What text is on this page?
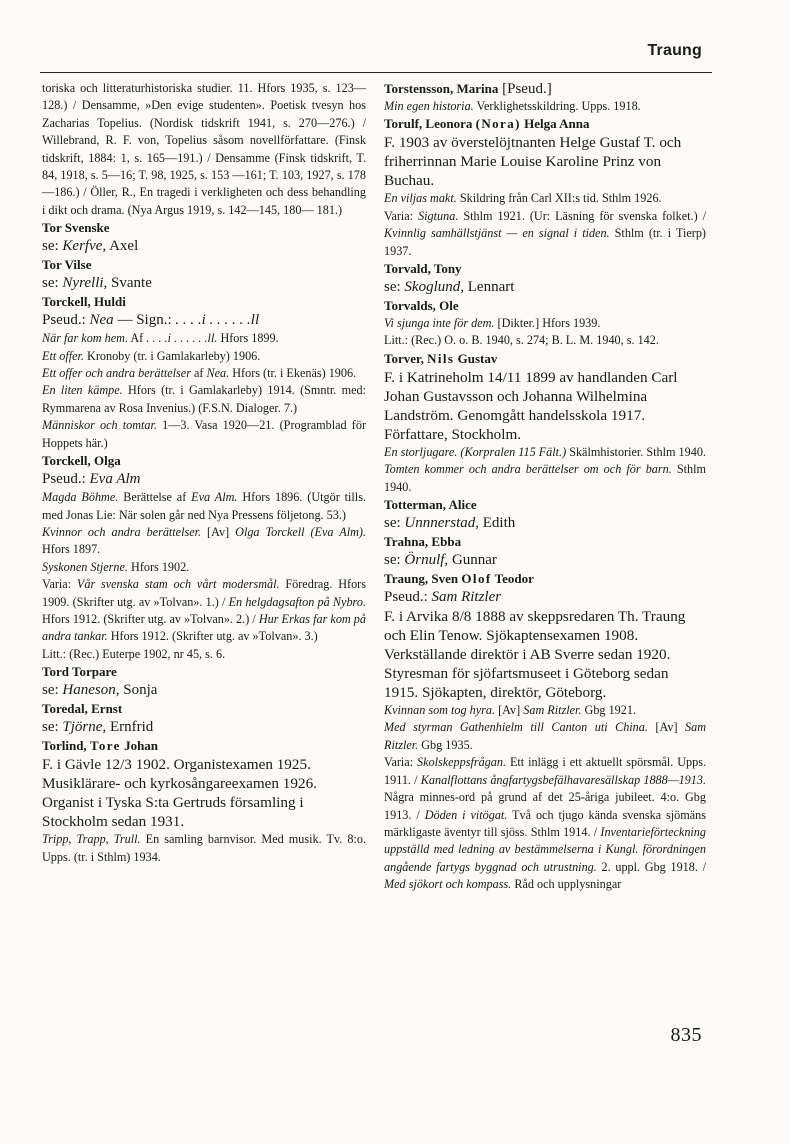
Traung

toriska och litteraturhistoriska studier. 11. Hfors 1935, s. 123—128.) / Densamme, »Den evige studenten». Poetisk tvesyn hos Zacharias Topelius. (Nordisk tidskrift 1941, s. 270—276.) / Willebrand, R. F. von, Topelius såsom novellförfattare. (Finsk tidskrift, 1884: 1, s. 165—191.) / Densamme (Finsk tidskrift, T. 84, 1918, s. 5—16; T. 98, 1925, s. 153 —161; T. 103, 1927, s. 178—186.) / Öller, R., En tragedi i verkligheten och dess behandling i dikt och drama. (Nya Argus 1919, s. 142—145, 180— 181.)

Tor Svenske
se: Kerfve, Axel
Tor Vilse
se: Nyrelli, Svante
Torckell, Huldi
Pseud.: Nea — Sign.: . . . .i . . . . . .ll

När far kom hem. Af . . . .i . . . . . .ll. Hfors 1899.

Ett offer. Kronoby (tr. i Gamlakarleby) 1906.

Ett offer och andra berättelser af Nea. Hfors (tr. i Ekenäs) 1906.

En liten kämpe. Hfors (tr. i Gamlakarleby) 1914. (Smntr. med: Rymmarena av Rosa Invenius.) (F.S.N. Dialoger. 7.)

Människor och tomtar. 1—3. Vasa 1920—21. (Programblad för Hoppets här.)

Torckell, Olga
Pseud.: Eva Alm

Magda Böhme. Berättelse af Eva Alm. Hfors 1896. (Utgör tills. med Jonas Lie: När solen går ned Nya Pressens följetong. 53.)

Kvinnor och andra berättelser. [Av] Olga Torckell (Eva Alm). Hfors 1897.

Syskonen Stjerne. Hfors 1902.

Varia: Vår svenska stam och vårt modersmål. Föredrag. Hfors 1909. (Skrifter utg. av »Tolvan». 1.) / En helgdagsafton på Nybro. Hfors 1912. (Skrifter utg. av »Tolvan». 2.) / Hur Erkas far kom på andra tankar. Hfors 1912. (Skrifter utg. av »Tolvan». 3.)

Litt.: (Rec.) Euterpe 1902, nr 45, s. 6.

Tord Torpare
se: Haneson, Sonja
Toredal, Ernst
se: Tjörne, Ernfrid
Torlind, Tore Johan

F. i Gävle 12/3 1902. Organistexamen 1925. Musiklärare- och kyrkosångareexamen 1926. Organist i Tyska S:ta Gertruds församling i Stockholm sedan 1931.

Tripp, Trapp, Trull. En samling barnvisor. Med musik. Tv. 8:o. Upps. (tr. i Sthlm) 1934.

Torstensson, Marina [Pseud.]

Min egen historia. Verklighetsskildring. Upps. 1918.

Torulf, Leonora (Nora) Helga Anna

F. 1903 av överstelöjtnanten Helge Gustaf T. och friherrinnan Marie Louise Karoline Prinz von Buchau.

En viljas makt. Skildring från Carl XII:s tid. Sthlm 1926.

Varia: Sigtuna. Sthlm 1921. (Ur: Läsning för svenska folket.) / Kvinnlig samhällstjänst — en signal i tiden. Sthlm (tr. i Tierp) 1937.

Torvald, Tony
se: Skoglund, Lennart
Torvalds, Ole

Vi sjunga inte för dem. [Dikter.] Hfors 1939.

Litt.: (Rec.) O. o. B. 1940, s. 274; B. L. M. 1940, s. 142.

Torver, Nils Gustav

F. i Katrineholm 14/11 1899 av handlanden Carl Johan Gustavsson och Johanna Wilhelmina Landström. Genomgått handelsskola 1917. Författare, Stockholm.

En storljugare. (Korpralen 115 Fält.) Skälmhistorier. Sthlm 1940.

Tomten kommer och andra berättelser om och för barn. Sthlm 1940.

Totterman, Alice
se: Unnnerstad, Edith
Trahna, Ebba
se: Örnulf, Gunnar
Traung, Sven Olof Teodor
Pseud.: Sam Ritzler

F. i Arvika 8/8 1888 av skeppsredaren Th. Traung och Elin Tenow. Sjökaptensexamen 1908. Verkställande direktör i AB Sverre sedan 1920. Styresman för sjöfartsmuseet i Göteborg sedan 1915. Sjökapten, direktör, Göteborg.

Kvinnan som tog hyra. [Av] Sam Ritzler. Gbg 1921.

Med styrman Gathenhielm till Canton uti China. [Av] Sam Ritzler. Gbg 1935.

Varia: Skolskeppsfrågan. Ett inlägg i ett aktuellt spörsmål. Upps. 1911. / Kanalflottans ångfartygsbefälhavaresällskap 1888—1913. Några minnes-ord på grund af det 25-åriga jubileet. 4:o. Gbg 1913. / Döden i vitögat. Två och tjugo kända svenska sjömäns märkligaste äventyr till sjöss. Sthlm 1914. / Inventarieförteckning uppställd med ledning av bestämmelserna i Kungl. förordningen angående fartygs byggnad och utrustning. 2. uppl. Gbg 1918. / Med sjökort och kompass. Råd och upplysningar

835
